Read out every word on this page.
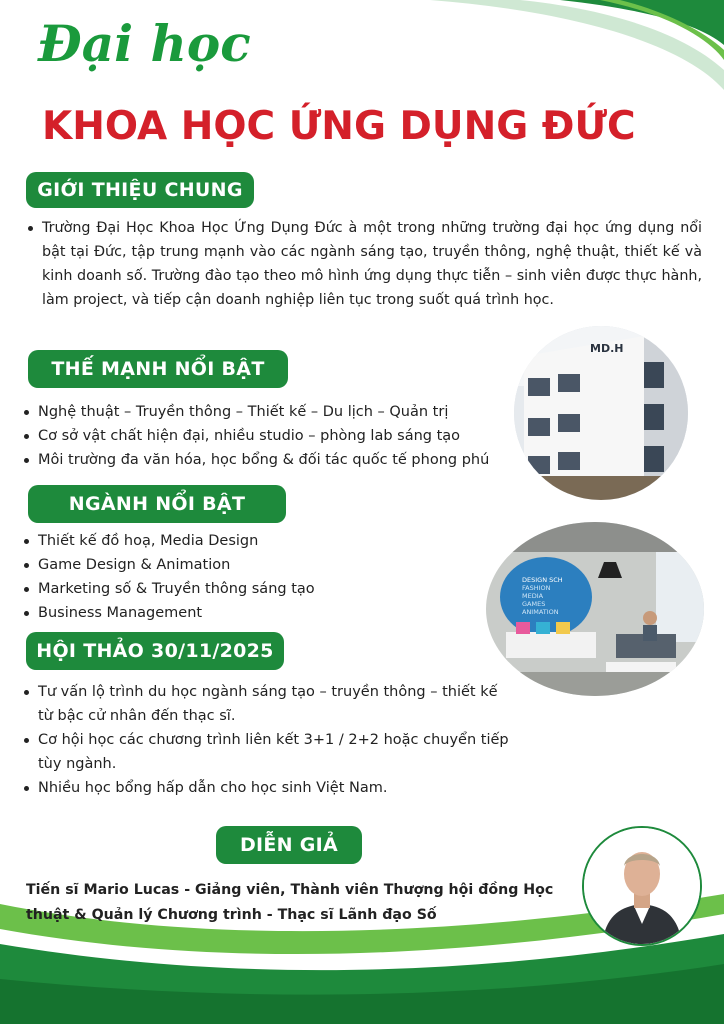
Đại học
KHOA HỌC ỨNG DỤNG ĐỨC
GIỚI THIỆU CHUNG
Trường Đại Học Khoa Học Ứng Dụng Đức à một trong những trường đại học ứng dụng nổi bật tại Đức, tập trung mạnh vào các ngành sáng tạo, truyền thông, nghệ thuật, thiết kế và kinh doanh số. Trường đào tạo theo mô hình ứng dụng thực tiễn – sinh viên được thực hành, làm project, và tiếp cận doanh nghiệp liên tục trong suốt quá trình học.
THẾ MẠNH NỔI BẬT
Nghệ thuật – Truyền thông – Thiết kế – Du lịch – Quản trị
Cơ sở vật chất hiện đại, nhiều studio – phòng lab sáng tạo
Môi trường đa văn hóa, học bổng & đối tác quốc tế phong phú
MD.H
NGÀNH NỔI BẬT
Thiết kế đồ hoạ, Media Design
Game Design & Animation
Marketing số & Truyền thông sáng tạo
Business Management
DESIGN SCH
FASHION
MEDIA
GAMES
ANIMATION
HỘI THẢO 30/11/2025
Tư vấn lộ trình du học ngành sáng tạo – truyền thông – thiết kế từ bậc cử nhân đến thạc sĩ.
Cơ hội học các chương trình liên kết 3+1 / 2+2 hoặc chuyển tiếp tùy ngành.
Nhiều học bổng hấp dẫn cho học sinh Việt Nam.
DIỄN GIẢ
Tiến sĩ Mario Lucas - Giảng viên, Thành viên Thượng hội đồng Học thuật & Quản lý Chương trình - Thạc sĩ Lãnh đạo Số
